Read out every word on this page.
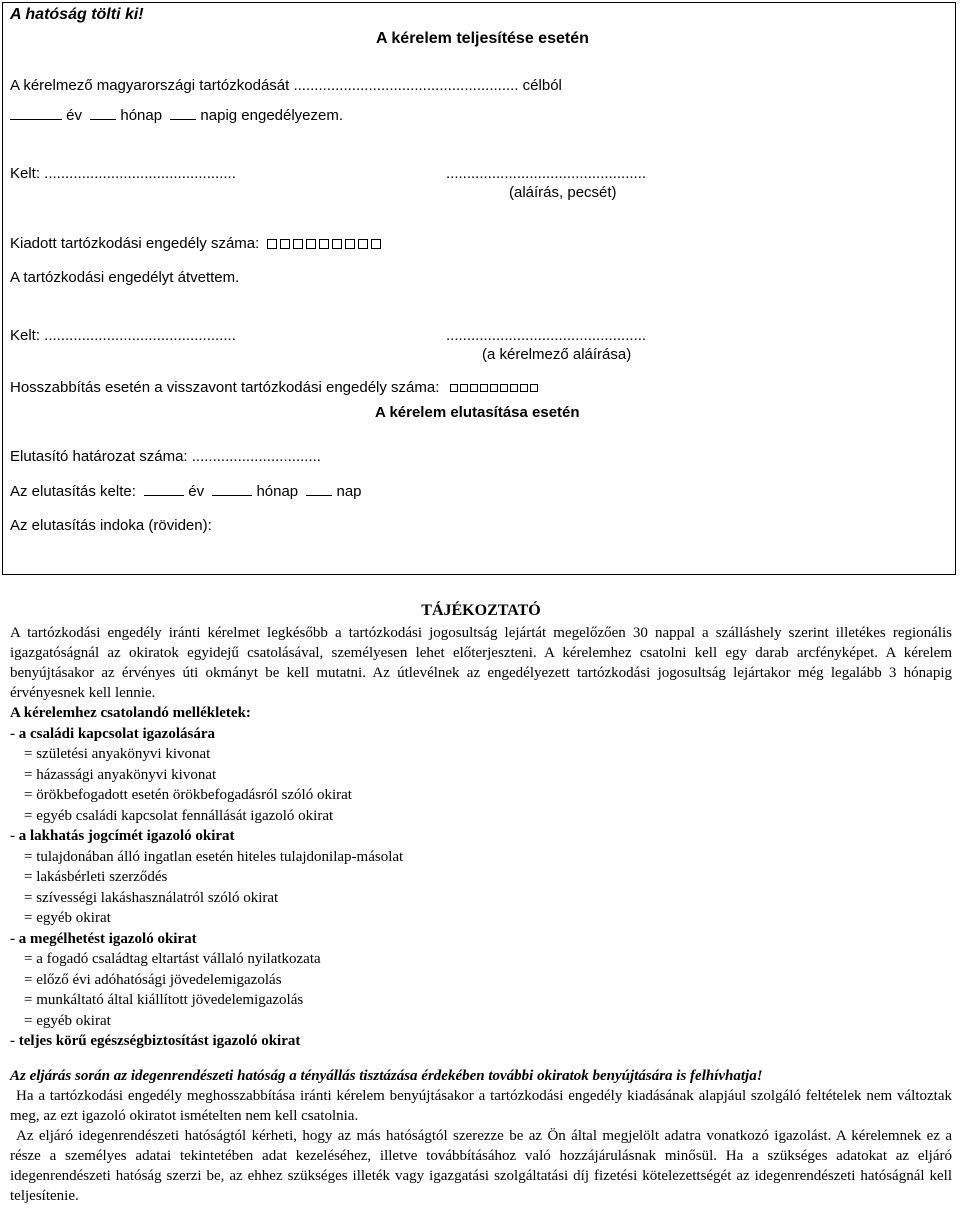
A hatóság tölti ki!
A kérelem teljesítése esetén
A kérelmező magyarországi tartózkodását ...................................................... célból
év	hónap	napig engedélyezem.
Kelt: ..............................................	................................................
(aláírás, pecsét)
Kiadott tartózkodási engedély száma:
A tartózkodási engedélyt átvettem.
Kelt: ..............................................	................................................
(a kérelmező aláírása)
Hosszabbítás esetén a visszavont tartózkodási engedély száma:
A kérelem elutasítása esetén
Elutasító határozat száma: ...............................
Az elutasítás kelte:	év	hónap	nap
Az elutasítás indoka (röviden):
TÁJÉKOZTATÓ
A tartózkodási engedély iránti kérelmet legkésőbb a tartózkodási jogosultság lejártát megelőzően 30 nappal a szálláshely szerint illetékes regionális igazgatóságnál az okiratok egyidejű csatolásával, személyesen lehet előterjeszteni. A kérelemhez csatolni kell egy darab arcfényképet. A kérelem benyújtásakor az érvényes úti okmányt be kell mutatni. Az útlevélnek az engedélyezett tartózkodási jogosultság lejártakor még legalább 3 hónapig érvényesnek kell lennie.
A kérelemhez csatolandó mellékletek:
- a családi kapcsolat igazolására
= születési anyakönyvi kivonat
= házassági anyakönyvi kivonat
= örökbefogadott esetén örökbefogadásról szóló okirat
= egyéb családi kapcsolat fennállását igazoló okirat
- a lakhatás jogcímét igazoló okirat
= tulajdonában álló ingatlan esetén hiteles tulajdonilap-másolat
= lakásbérleti szerződés
= szívességi lakáshasználatról szóló okirat
= egyéb okirat
- a megélhetést igazoló okirat
= a fogadó családtag eltartást vállaló nyilatkozata
= előző évi adóhatósági jövedelemigazolás
= munkáltató által kiállított jövedelemigazolás
= egyéb okirat
- teljes körű egészségbiztosítást igazoló okirat
Az eljárás során az idegenrendészeti hatóság a tényállás tisztázása érdekében további okiratok benyújtására is felhívhatja!
Ha a tartózkodási engedély meghosszabbítása iránti kérelem benyújtásakor a tartózkodási engedély kiadásának alapjául szolgáló feltételek nem változtak meg, az ezt igazoló okiratot ismételten nem kell csatolnia.
Az eljáró idegenrendészeti hatóságtól kérheti, hogy az más hatóságtól szerezze be az Ön által megjelölt adatra vonatkozó igazolást. A kérelemnek ez a része a személyes adatai tekintetében adat kezeléséhez, illetve továbbításához való hozzájárulásnak minősül. Ha a szükséges adatokat az eljáró idegenrendészeti hatóság szerzi be, az ehhez szükséges illeték vagy igazgatási szolgáltatási díj fizetési kötelezettségét az idegenrendészeti hatóságnál kell teljesítenie.
